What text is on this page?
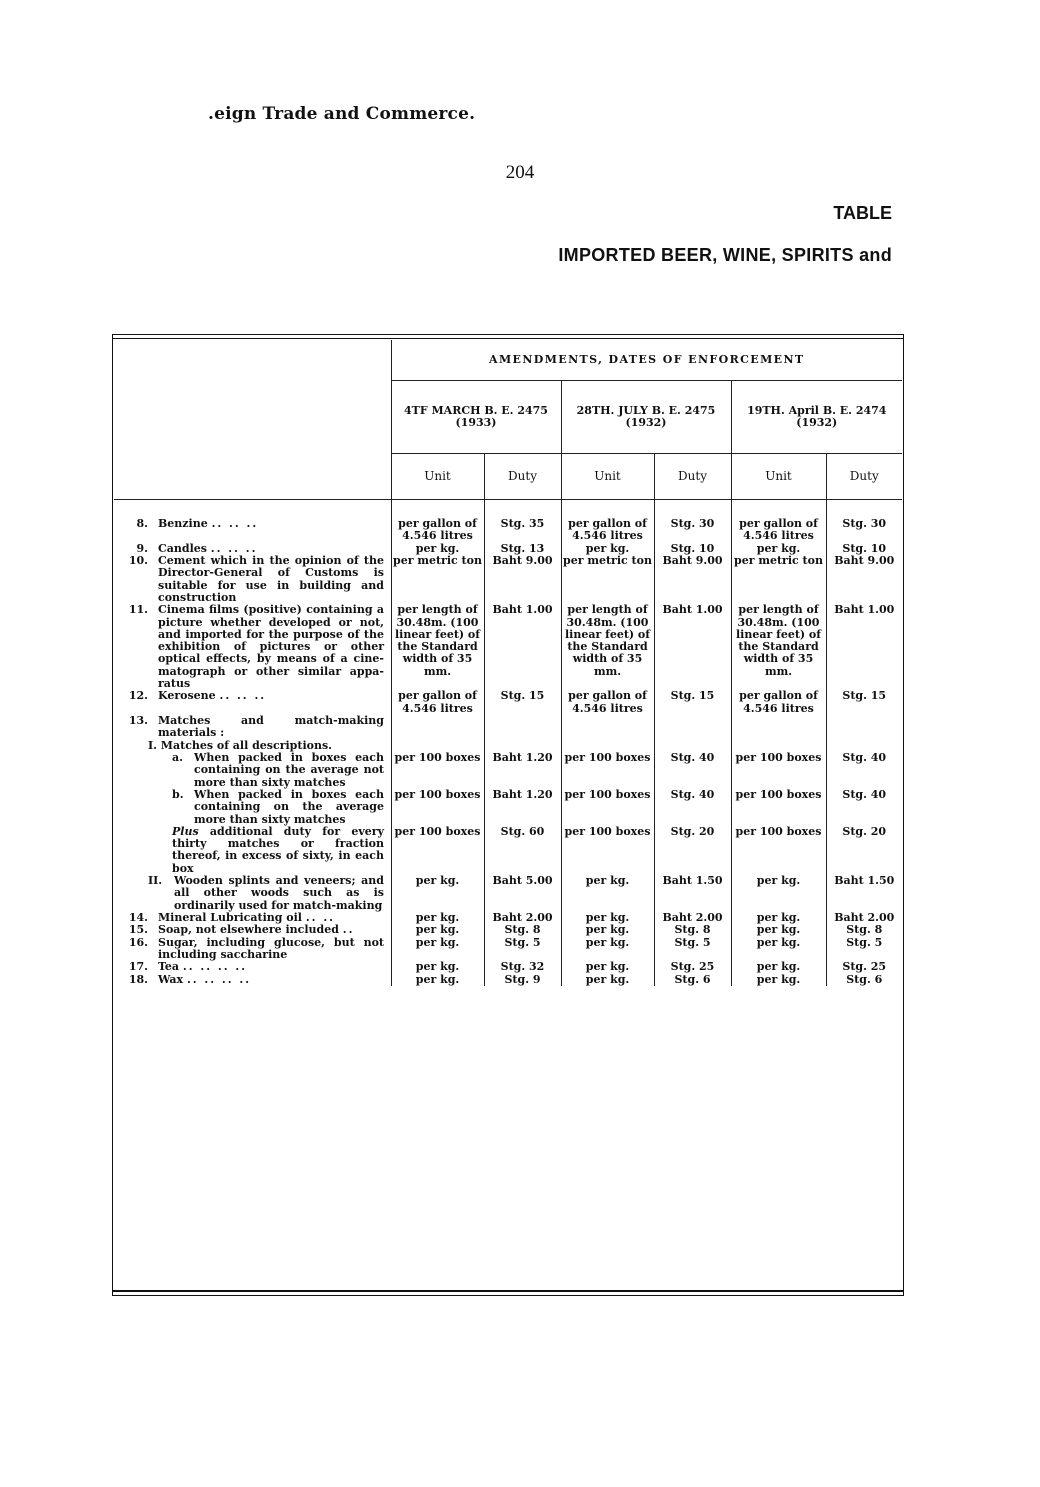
.eign Trade and Commerce.
204
TABLE
IMPORTED BEER, WINE, SPIRITS and
	AMENDMENTS, DATES OF ENFORCEMENT					
	4TF MARCH B. E. 2475 (1933)		28TH. JULY B. E. 2475 (1932)		19TH. April B. E. 2474 (1932)	
	Unit	Duty	Unit	Duty	Unit	Duty

8. Benzine .. .. ..	per gallon of 4.546 litres	Stg. 35	per gallon of 4.546 litres	Stg. 30	per gallon of 4.546 litres	Stg. 30
9. Candles .. .. ..	per kg.	Stg. 13	per kg.	Stg. 10	per kg.	Stg. 10
10. Cement which in the opinion of the Director-General of Customs is suitable for use in building and construction	per metric ton	Baht 9.00	per metric ton	Baht 9.00	per metric ton	Baht 9.00
11. Cinema films (positive) containing a picture whether developed or not, and imported for the purpose of the exhibition of pictures or other optical effects, by means of a cine-matograph or other similar appa-ratus	per length of 30.48m. (100 linear feet) of the Standard width of 35 mm.	Baht 1.00	per length of 30.48m. (100 linear feet) of the Standard width of 35 mm.	Baht 1.00	per length of 30.48m. (100 linear feet) of the Standard width of 35 mm.	Baht 1.00
12. Kerosene .. .. ..	per gallon of 4.546 litres	Stg. 15	per gallon of 4.546 litres	Stg. 15	per gallon of 4.546 litres	Stg. 15
13. Matches and match-making materials :						
I. Matches of all descriptions.						
a. When packed in boxes each containing on the average not more than sixty matches	per 100 boxes	Baht 1.20	per 100 boxes	Stg. 40	per 100 boxes	Stg. 40
b. When packed in boxes each containing on the average more than sixty matches	per 100 boxes	Baht 1.20	per 100 boxes	Stg. 40	per 100 boxes	Stg. 40
Plus additional duty for every thirty matches or fraction thereof, in excess of sixty, in each box	per 100 boxes	Stg. 60	per 100 boxes	Stg. 20	per 100 boxes	Stg. 20
II. Wooden splints and veneers; and all other woods such as is ordinarily used for match-making	per kg.	Baht 5.00	per kg.	Baht 1.50	per kg.	Baht 1.50
14. Mineral Lubricating oil .. ..	per kg.	Baht 2.00	per kg.	Baht 2.00	per kg.	Baht 2.00
15. Soap, not elsewhere included ..	per kg.	Stg. 8	per kg.	Stg. 8	per kg.	Stg. 8
16. Sugar, including glucose, but not including saccharine	per kg.	Stg. 5	per kg.	Stg. 5	per kg.	Stg. 5
17. Tea .. .. .. ..	per kg.	Stg. 32	per kg.	Stg. 25	per kg.	Stg. 25
18. Wax .. .. .. ..	per kg.	Stg. 9	per kg.	Stg. 6	per kg.	Stg. 6
